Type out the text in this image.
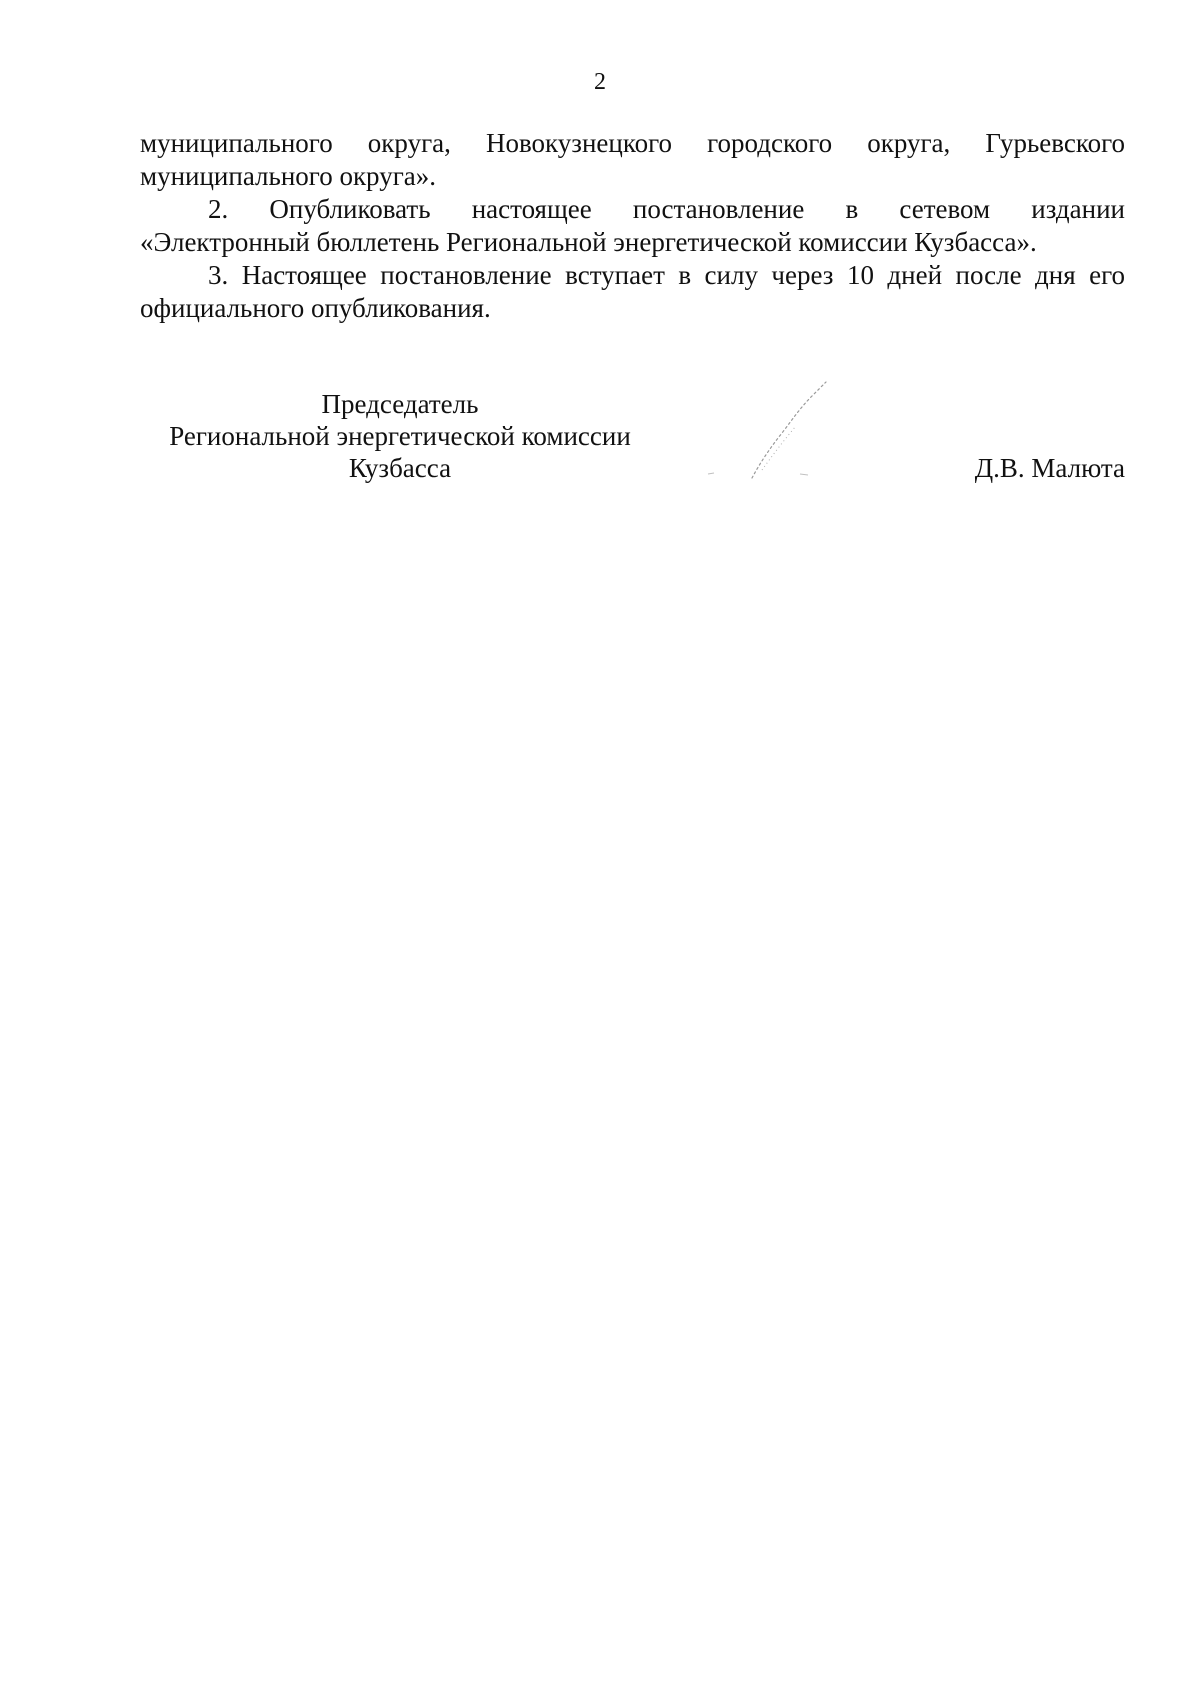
2

муниципального округа, Новокузнецкого городского округа, Гурьевского
муниципального округа».

2. Опубликовать настоящее постановление в сетевом издании
«Электронный бюллетень Региональной энергетической комиссии Кузбасса».

3. Настоящее постановление вступает в силу через 10 дней после дня его
официального опубликования.

Председатель
Региональной энергетической комиссии
Кузбасса	Д.В. Малюта
